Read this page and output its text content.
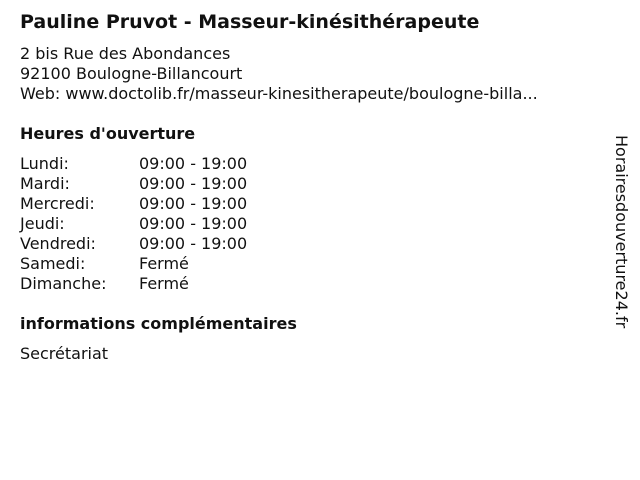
Pauline Pruvot - Masseur-kinésithérapeute
2 bis Rue des Abondances
92100 Boulogne-Billancourt
Web: www.doctolib.fr/masseur-kinesitherapeute/boulogne-billa...
Heures d'ouverture
Lundi:	09:00 - 19:00
Mardi:	09:00 - 19:00
Mercredi:	09:00 - 19:00
Jeudi:	09:00 - 19:00
Vendredi:	09:00 - 19:00
Samedi:	Fermé
Dimanche: Fermé
informations complémentaires
Secrétariat
Horairesdouverture24.fr
